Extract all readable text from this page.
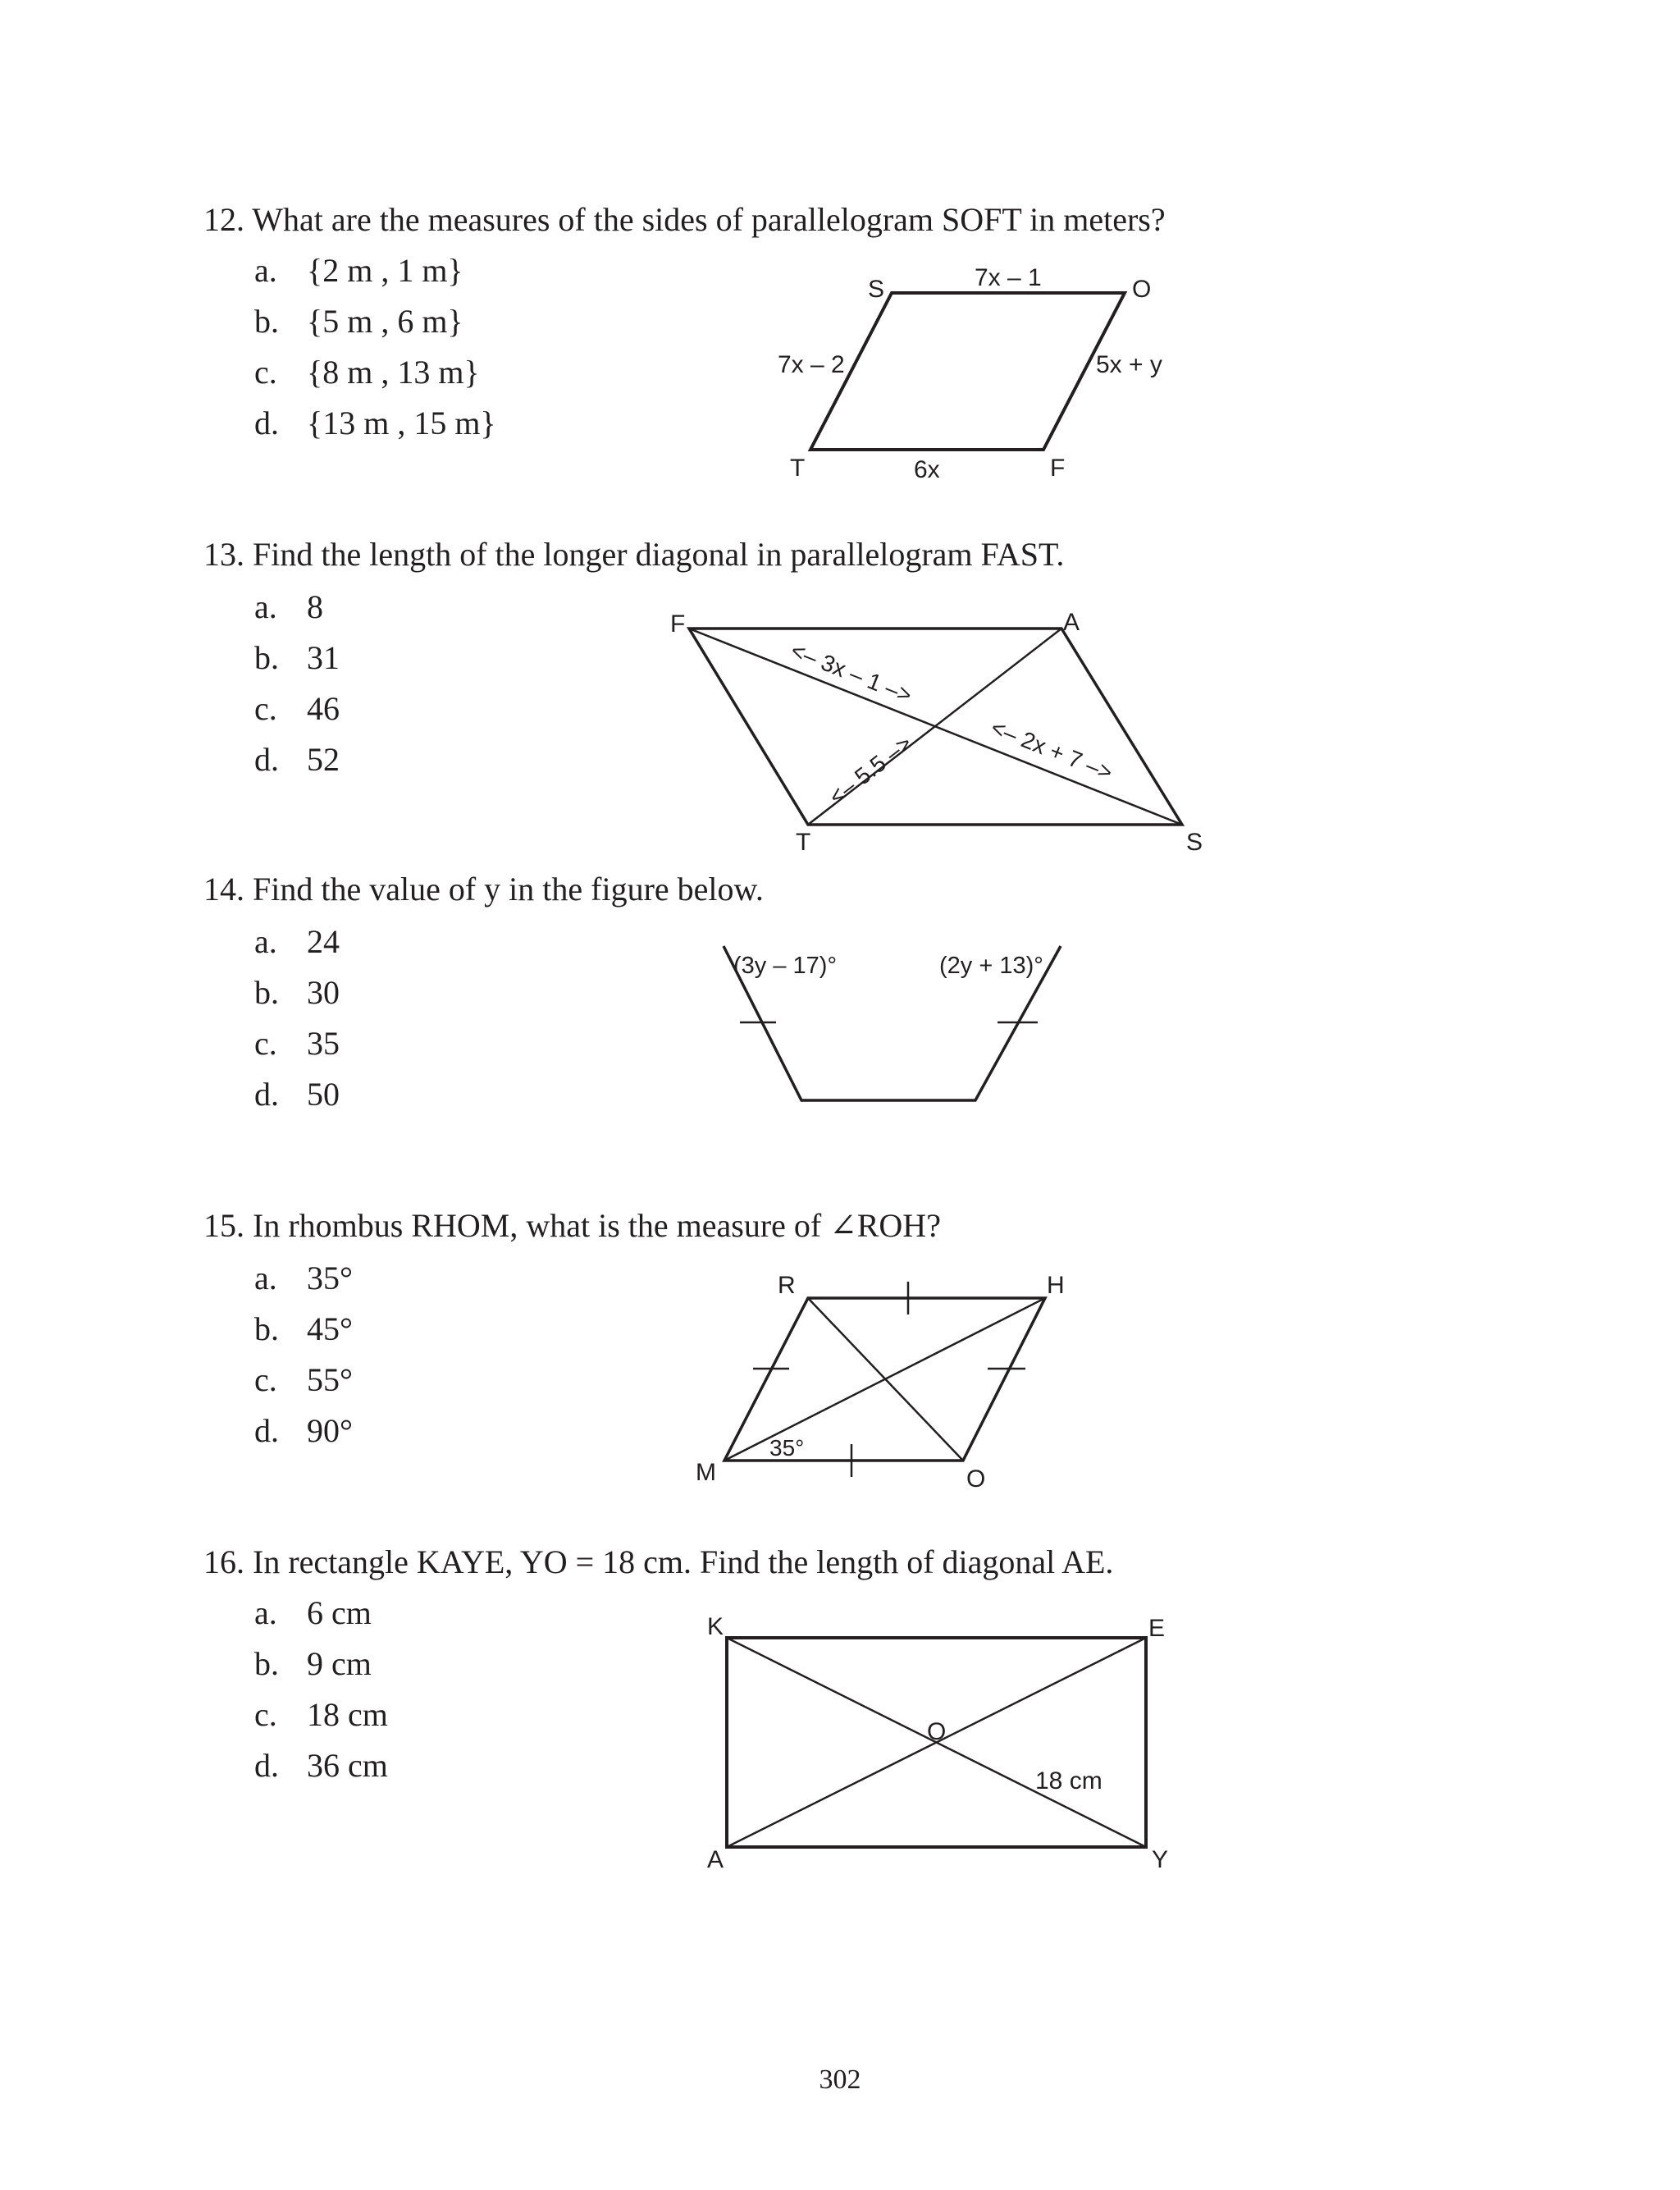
12. What are the measures of the sides of parallelogram SOFT in meters?
a. {2 m , 1 m}
b. {5 m , 6 m}
c. {8 m , 13 m}
d. {13 m , 15 m}
13. Find the length of the longer diagonal in parallelogram FAST.
a. 8
b. 31
c. 46
d. 52
14. Find the value of y in the figure below.
a. 24
b. 30
c. 35
d. 50
15. In rhombus RHOM, what is the measure of ∠ROH?
a. 35°
b. 45°
c. 55°
d. 90°
16. In rectangle KAYE, YO = 18 cm. Find the length of diagonal AE.
a. 6 cm
b. 9 cm
c. 18 cm
d. 36 cm
S	O
F
T
7x – 1
7x – 2	5x + y
6x
F	A
S
T
<– 3x – 1 –>
<– 2x + 7 –>
<– 5.5 –>
(3y – 17)°	(2y + 13)°
R	H
O
M
35°
K	E
O
A	Y
18 cm
302
